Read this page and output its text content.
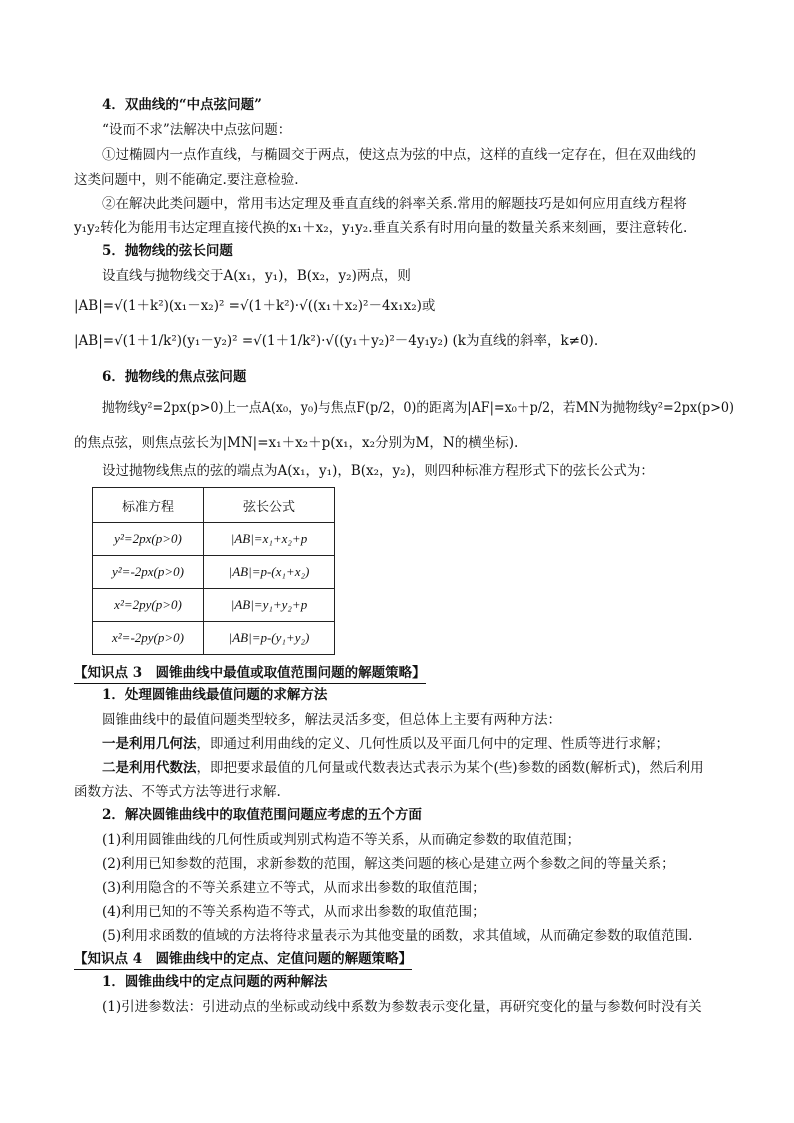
4．双曲线的“中点弦问题”
“设而不求”法解决中点弦问题：
①过椭圆内一点作直线，与椭圆交于两点，使这点为弦的中点，这样的直线一定存在，但在双曲线的
这类问题中，则不能确定.要注意检验.
②在解决此类问题中，常用韦达定理及垂直直线的斜率关系.常用的解题技巧是如何应用直线方程将
y₁y₂转化为能用韦达定理直接代换的x₁＋x₂，y₁y₂.垂直关系有时用向量的数量关系来刻画，要注意转化.
5．抛物线的弦长问题
设直线与抛物线交于A(x₁，y₁)，B(x₂，y₂)两点，则
|AB|=√(1＋k²)(x₁－x₂)² =√(1＋k²)·√((x₁＋x₂)²－4x₁x₂)或
|AB|=√(1＋1/k²)(y₁－y₂)² =√(1＋1/k²)·√((y₁＋y₂)²－4y₁y₂) (k为直线的斜率，k≠0).
6．抛物线的焦点弦问题
抛物线y²=2px(p>0)上一点A(x₀，y₀)与焦点F(p/2，0)的距离为|AF|=x₀＋p/2，若MN为抛物线y²=2px(p>0)
的焦点弦，则焦点弦长为|MN|=x₁＋x₂＋p(x₁，x₂分别为M，N的横坐标).
设过抛物线焦点的弦的端点为A(x₁，y₁)，B(x₂，y₂)，则四种标准方程形式下的弦长公式为：
标准方程	弦长公式
y²=2px(p>0)	|AB|=x₁+x₂+p
y²=-2px(p>0)	|AB|=p-(x₁+x₂)
x²=2py(p>0)	|AB|=y₁+y₂+p
x²=-2py(p>0)	|AB|=p-(y₁+y₂)
【知识点 3　圆锥曲线中最值或取值范围问题的解题策略】
1．处理圆锥曲线最值问题的求解方法
圆锥曲线中的最值问题类型较多，解法灵活多变，但总体上主要有两种方法：
一是利用几何法，即通过利用曲线的定义、几何性质以及平面几何中的定理、性质等进行求解；
二是利用代数法，即把要求最值的几何量或代数表达式表示为某个(些)参数的函数(解析式)，然后利用
函数方法、不等式方法等进行求解.
2．解决圆锥曲线中的取值范围问题应考虑的五个方面
(1)利用圆锥曲线的几何性质或判别式构造不等关系，从而确定参数的取值范围；
(2)利用已知参数的范围，求新参数的范围，解这类问题的核心是建立两个参数之间的等量关系；
(3)利用隐含的不等关系建立不等式，从而求出参数的取值范围；
(4)利用已知的不等关系构造不等式，从而求出参数的取值范围；
(5)利用求函数的值域的方法将待求量表示为其他变量的函数，求其值域，从而确定参数的取值范围.
【知识点 4　圆锥曲线中的定点、定值问题的解题策略】
1．圆锥曲线中的定点问题的两种解法
(1)引进参数法：引进动点的坐标或动线中系数为参数表示变化量，再研究变化的量与参数何时没有关
